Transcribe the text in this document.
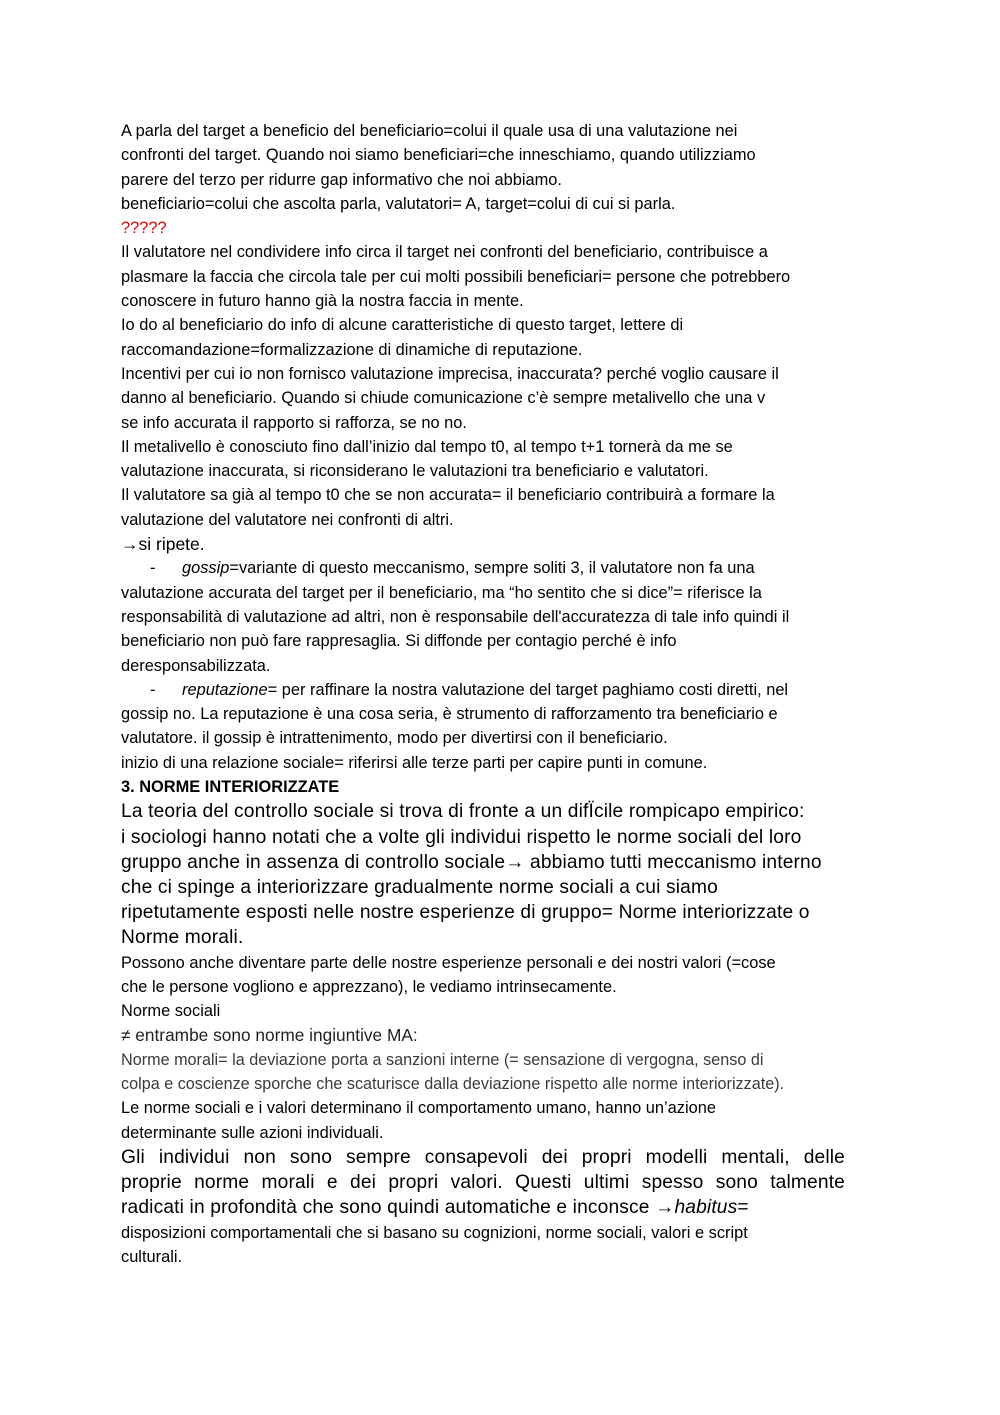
A parla del target a beneficio del beneficiario=colui il quale usa di una valutazione nei
confronti del target. Quando noi siamo beneficiari=che inneschiamo, quando utilizziamo
parere del terzo per ridurre gap informativo che noi abbiamo.
beneficiario=colui che ascolta parla, valutatori= A, target=colui di cui si parla.
?????
Il valutatore nel condividere info circa il target nei confronti del beneficiario, contribuisce a
plasmare la faccia che circola tale per cui molti possibili beneficiari= persone che potrebbero
conoscere in futuro hanno già la nostra faccia in mente.
Io do al beneficiario do info di alcune caratteristiche di questo target, lettere di
raccomandazione=formalizzazione di dinamiche di reputazione.
Incentivi per cui io non fornisco valutazione imprecisa, inaccurata? perché voglio causare il
danno al beneficiario. Quando si chiude comunicazione c’è sempre metalivello che una v
se info accurata il rapporto si rafforza, se no no.
Il metalivello è conosciuto fino dall’inizio dal tempo t0, al tempo t+1 tornerà da me se
valutazione inaccurata, si riconsiderano le valutazioni tra beneficiario e valutatori.
Il valutatore sa già al tempo t0 che se non accurata= il beneficiario contribuirà a formare la
valutazione del valutatore nei confronti di altri.
→si ripete.
- gossip=variante di questo meccanismo, sempre soliti 3, il valutatore non fa una
valutazione accurata del target per il beneficiario, ma “ho sentito che si dice”= riferisce la
responsabilità di valutazione ad altri, non è responsabile dell'accuratezza di tale info quindi il
beneficiario non può fare rappresaglia. Si diffonde per contagio perché è info
deresponsabilizzata.
- reputazione= per raffinare la nostra valutazione del target paghiamo costi diretti, nel
gossip no. La reputazione è una cosa seria, è strumento di rafforzamento tra beneficiario e
valutatore. il gossip è intrattenimento, modo per divertirsi con il beneficiario.
inizio di una relazione sociale= riferirsi alle terze parti per capire punti in comune.
3. NORME INTERIORIZZATE
La teoria del controllo sociale si trova di fronte a un difÏcile rompicapo empirico:
i sociologi hanno notati che a volte gli individui rispetto le norme sociali del loro
gruppo anche in assenza di controllo sociale→ abbiamo tutti meccanismo interno
che ci spinge a interiorizzare gradualmente norme sociali a cui siamo
ripetutamente esposti nelle nostre esperienze di gruppo= Norme interiorizzate o
Norme morali.
Possono anche diventare parte delle nostre esperienze personali e dei nostri valori (=cose
che le persone vogliono e apprezzano), le vediamo intrinsecamente.
Norme sociali
≠ entrambe sono norme ingiuntive MA:
Norme morali= la deviazione porta a sanzioni interne (= sensazione di vergogna, senso di
colpa e coscienze sporche che scaturisce dalla deviazione rispetto alle norme interiorizzate).
Le norme sociali e i valori determinano il comportamento umano, hanno un’azione
determinante sulle azioni individuali.
Gli individui non sono sempre consapevoli dei propri modelli mentali, delle
proprie norme morali e dei propri valori. Questi ultimi spesso sono talmente
radicati in profondità che sono quindi automatiche e inconsce →habitus=
disposizioni comportamentali che si basano su cognizioni, norme sociali, valori e script
culturali.
